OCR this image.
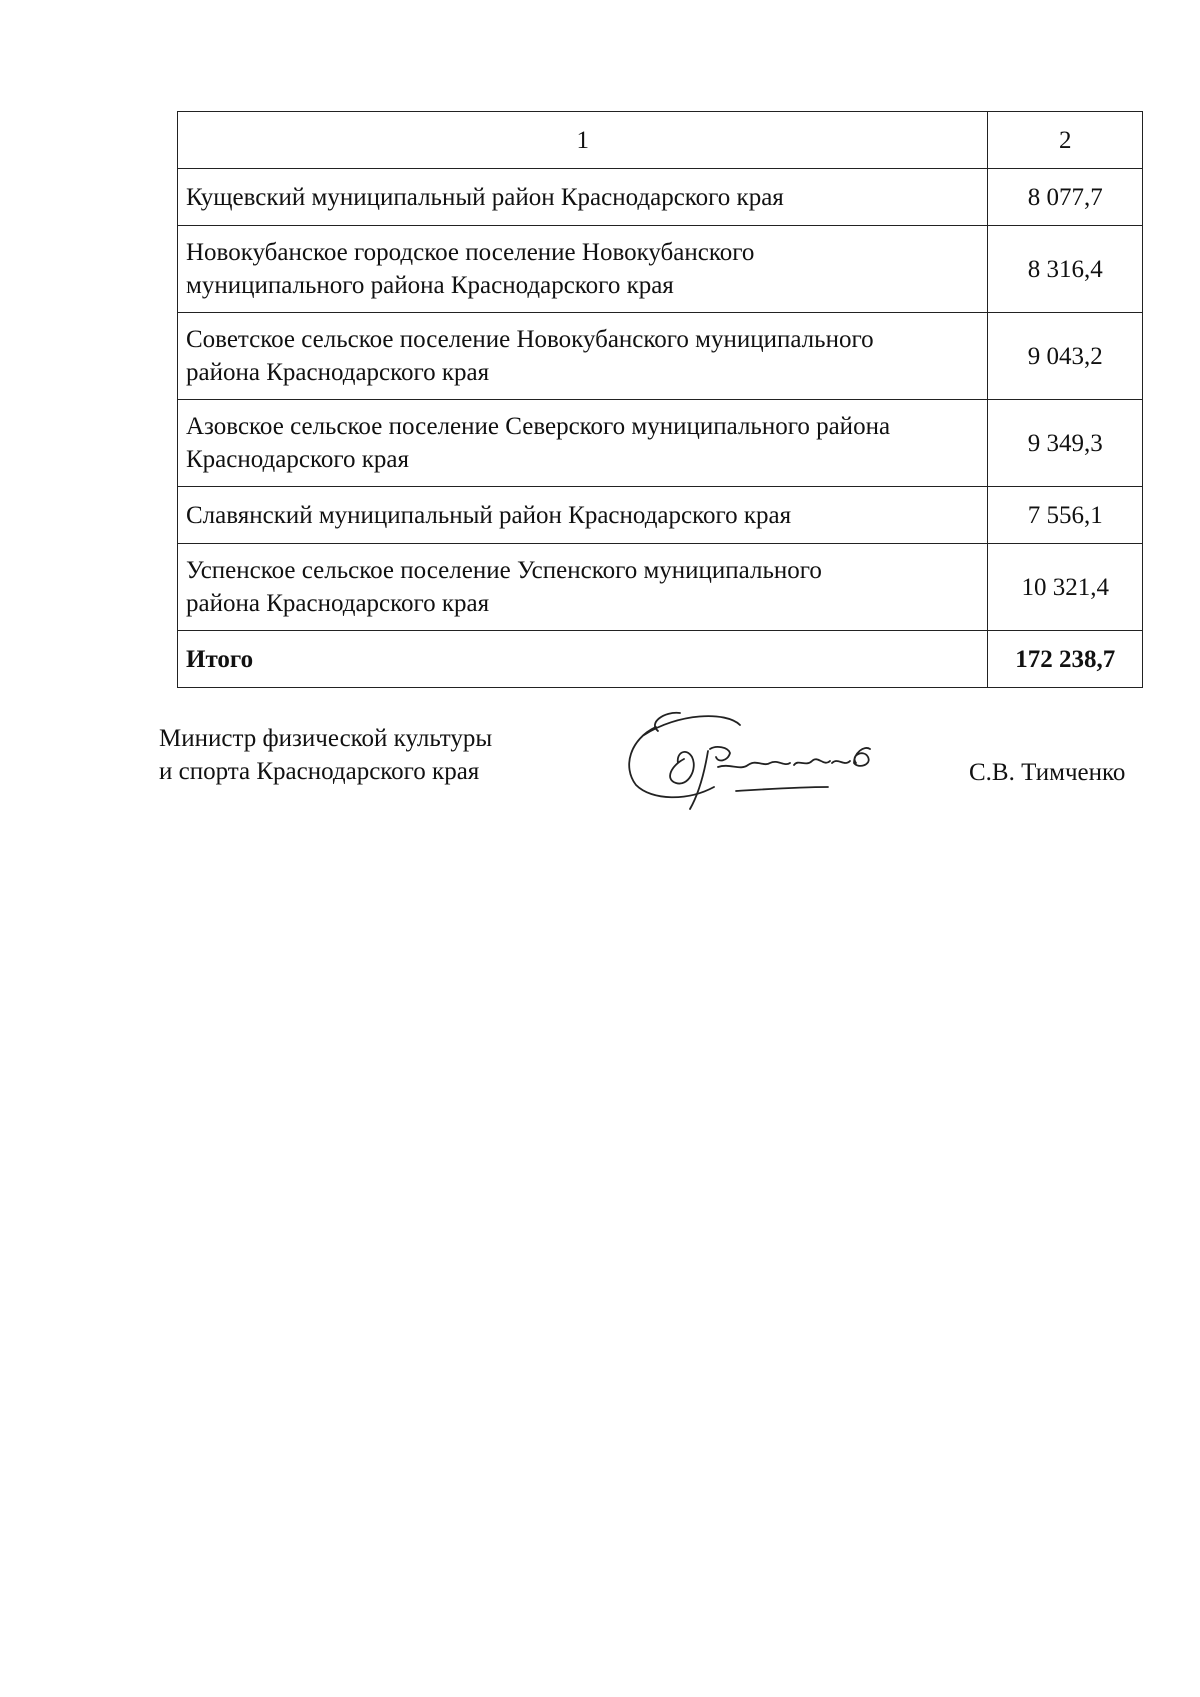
1	2
Кущевский муниципальный район Краснодарского края	8 077,7

Новокубанское городское поселение Новокубанского
муниципального района Краснодарского края	8 316,4

Советское сельское поселение Новокубанского муниципального
района Краснодарского края	9 043,2

Азовское сельское поселение Северского муниципального района
Краснодарского края	9 349,3
Славянский муниципальный район Краснодарского края	7 556,1

Успенское сельское поселение Успенского муниципального
района Краснодарского края	10 321,4
Итого	172 238,7
Министр физической культуры
и спорта Краснодарского края	С.В. Тимченко
